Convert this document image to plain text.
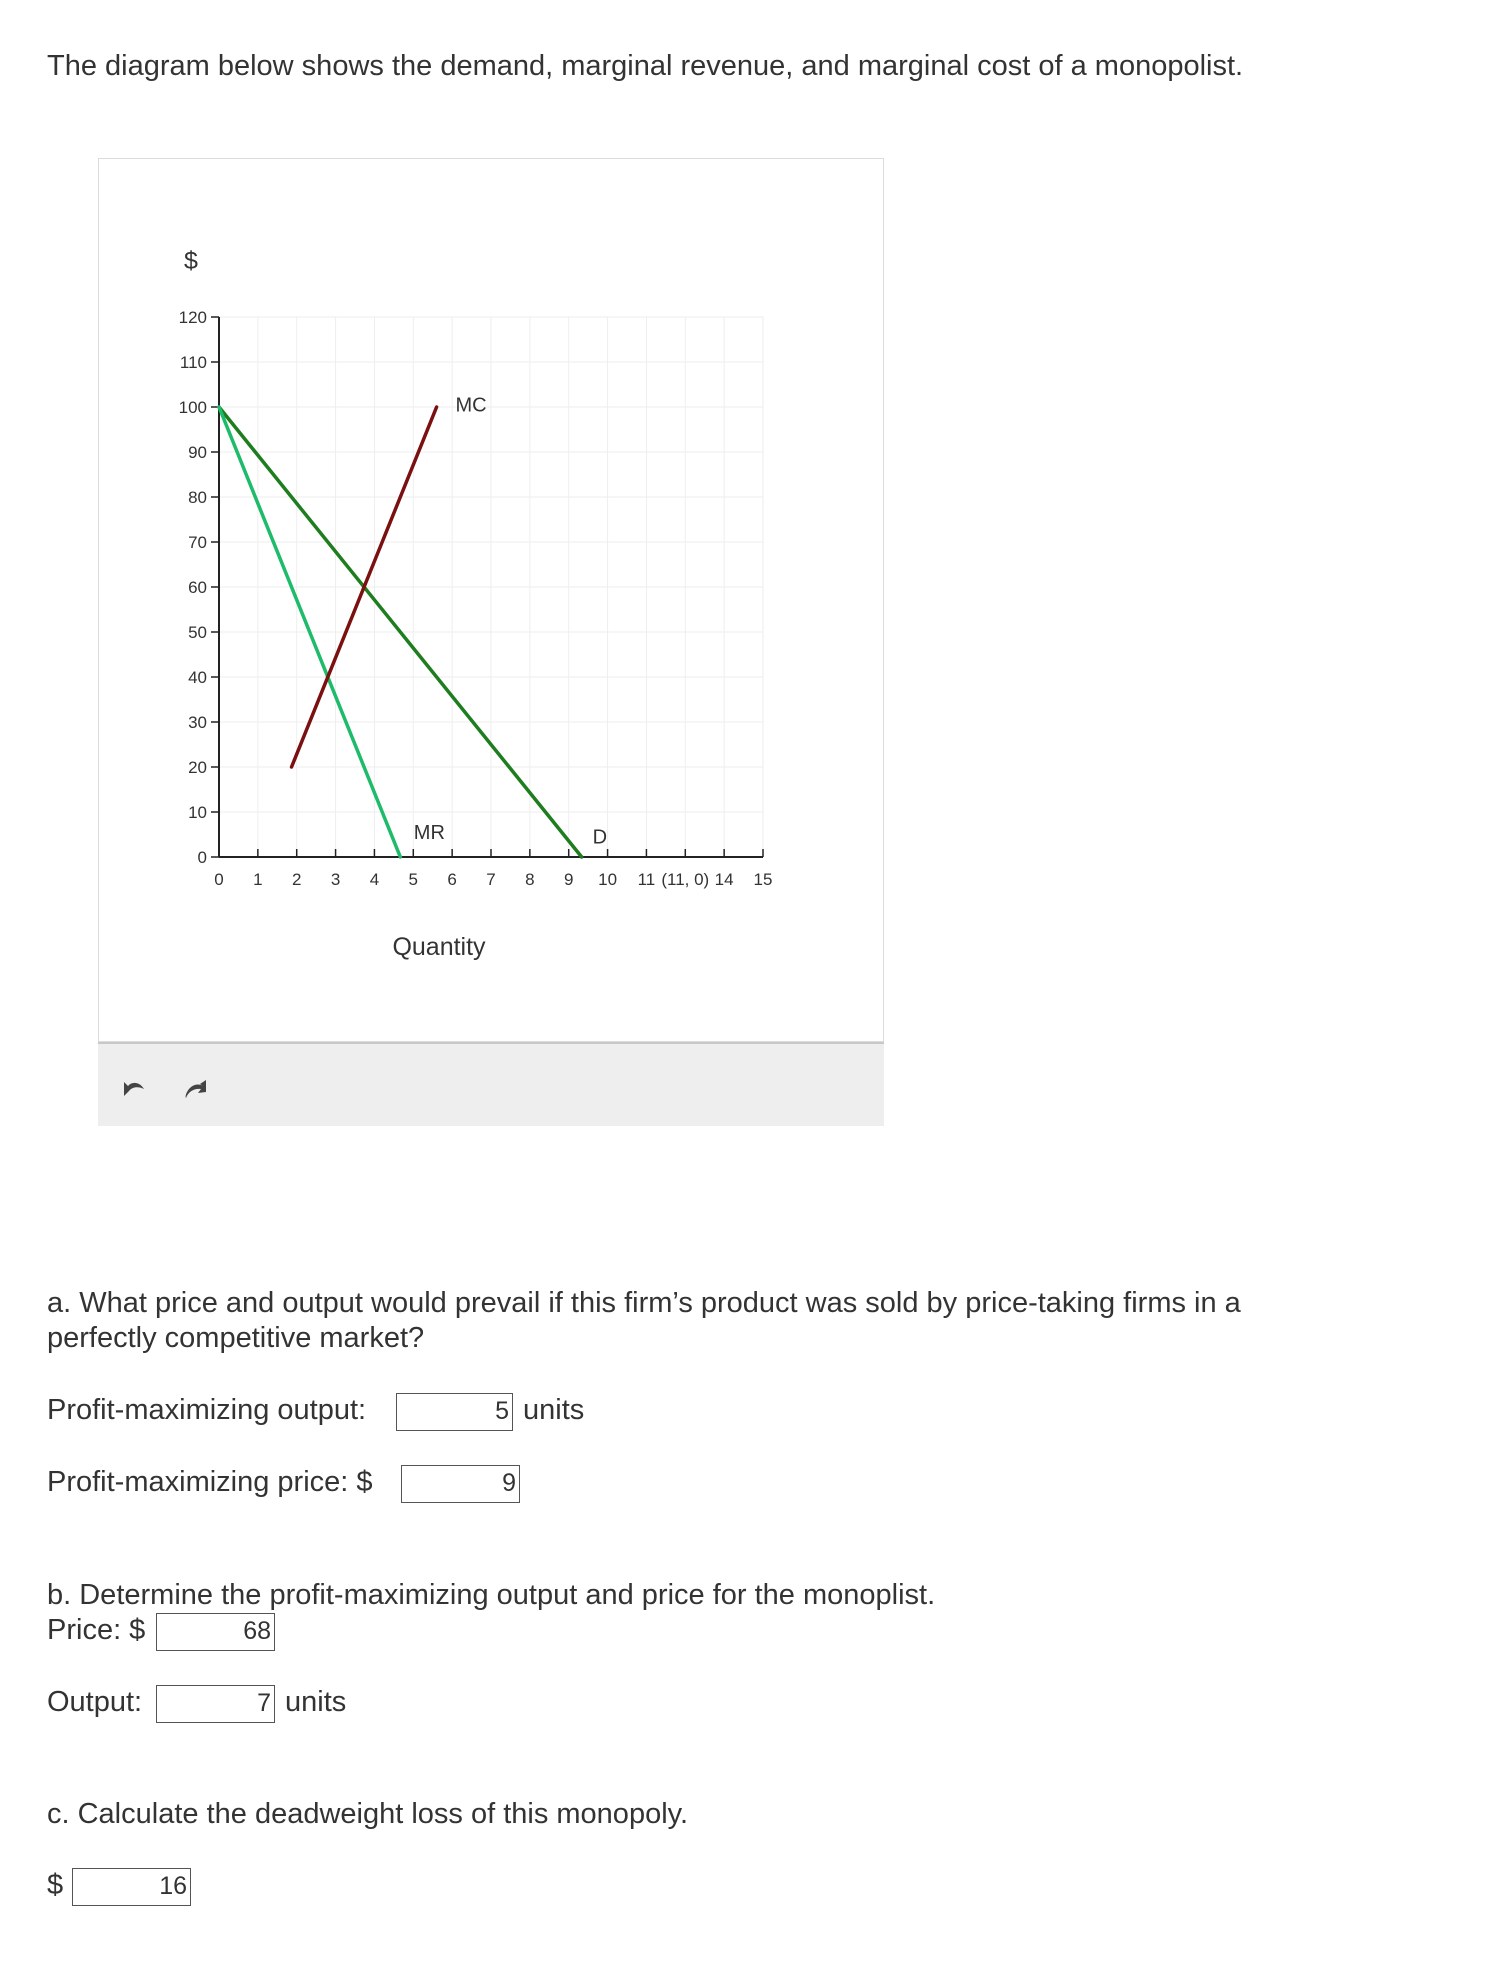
The diagram below shows the demand, marginal revenue, and marginal cost of a monopolist.
0
10
20
30
40
50
60
70
80
90
100
110
120
0 1 2 3 4 5 6 7 8 9 10 11 (11, 0) 14 15
D
MR
MC
$
Quantity
a. What price and output would prevail if this firm’s product was sold by price-taking firms in a
perfectly competitive market?
Profit-maximizing output:	5 units
Profit-maximizing price: $	9
b. Determine the profit-maximizing output and price for the monoplist.
Price: $	68
Output:	7 units
c. Calculate the deadweight loss of this monopoly.
$	16
